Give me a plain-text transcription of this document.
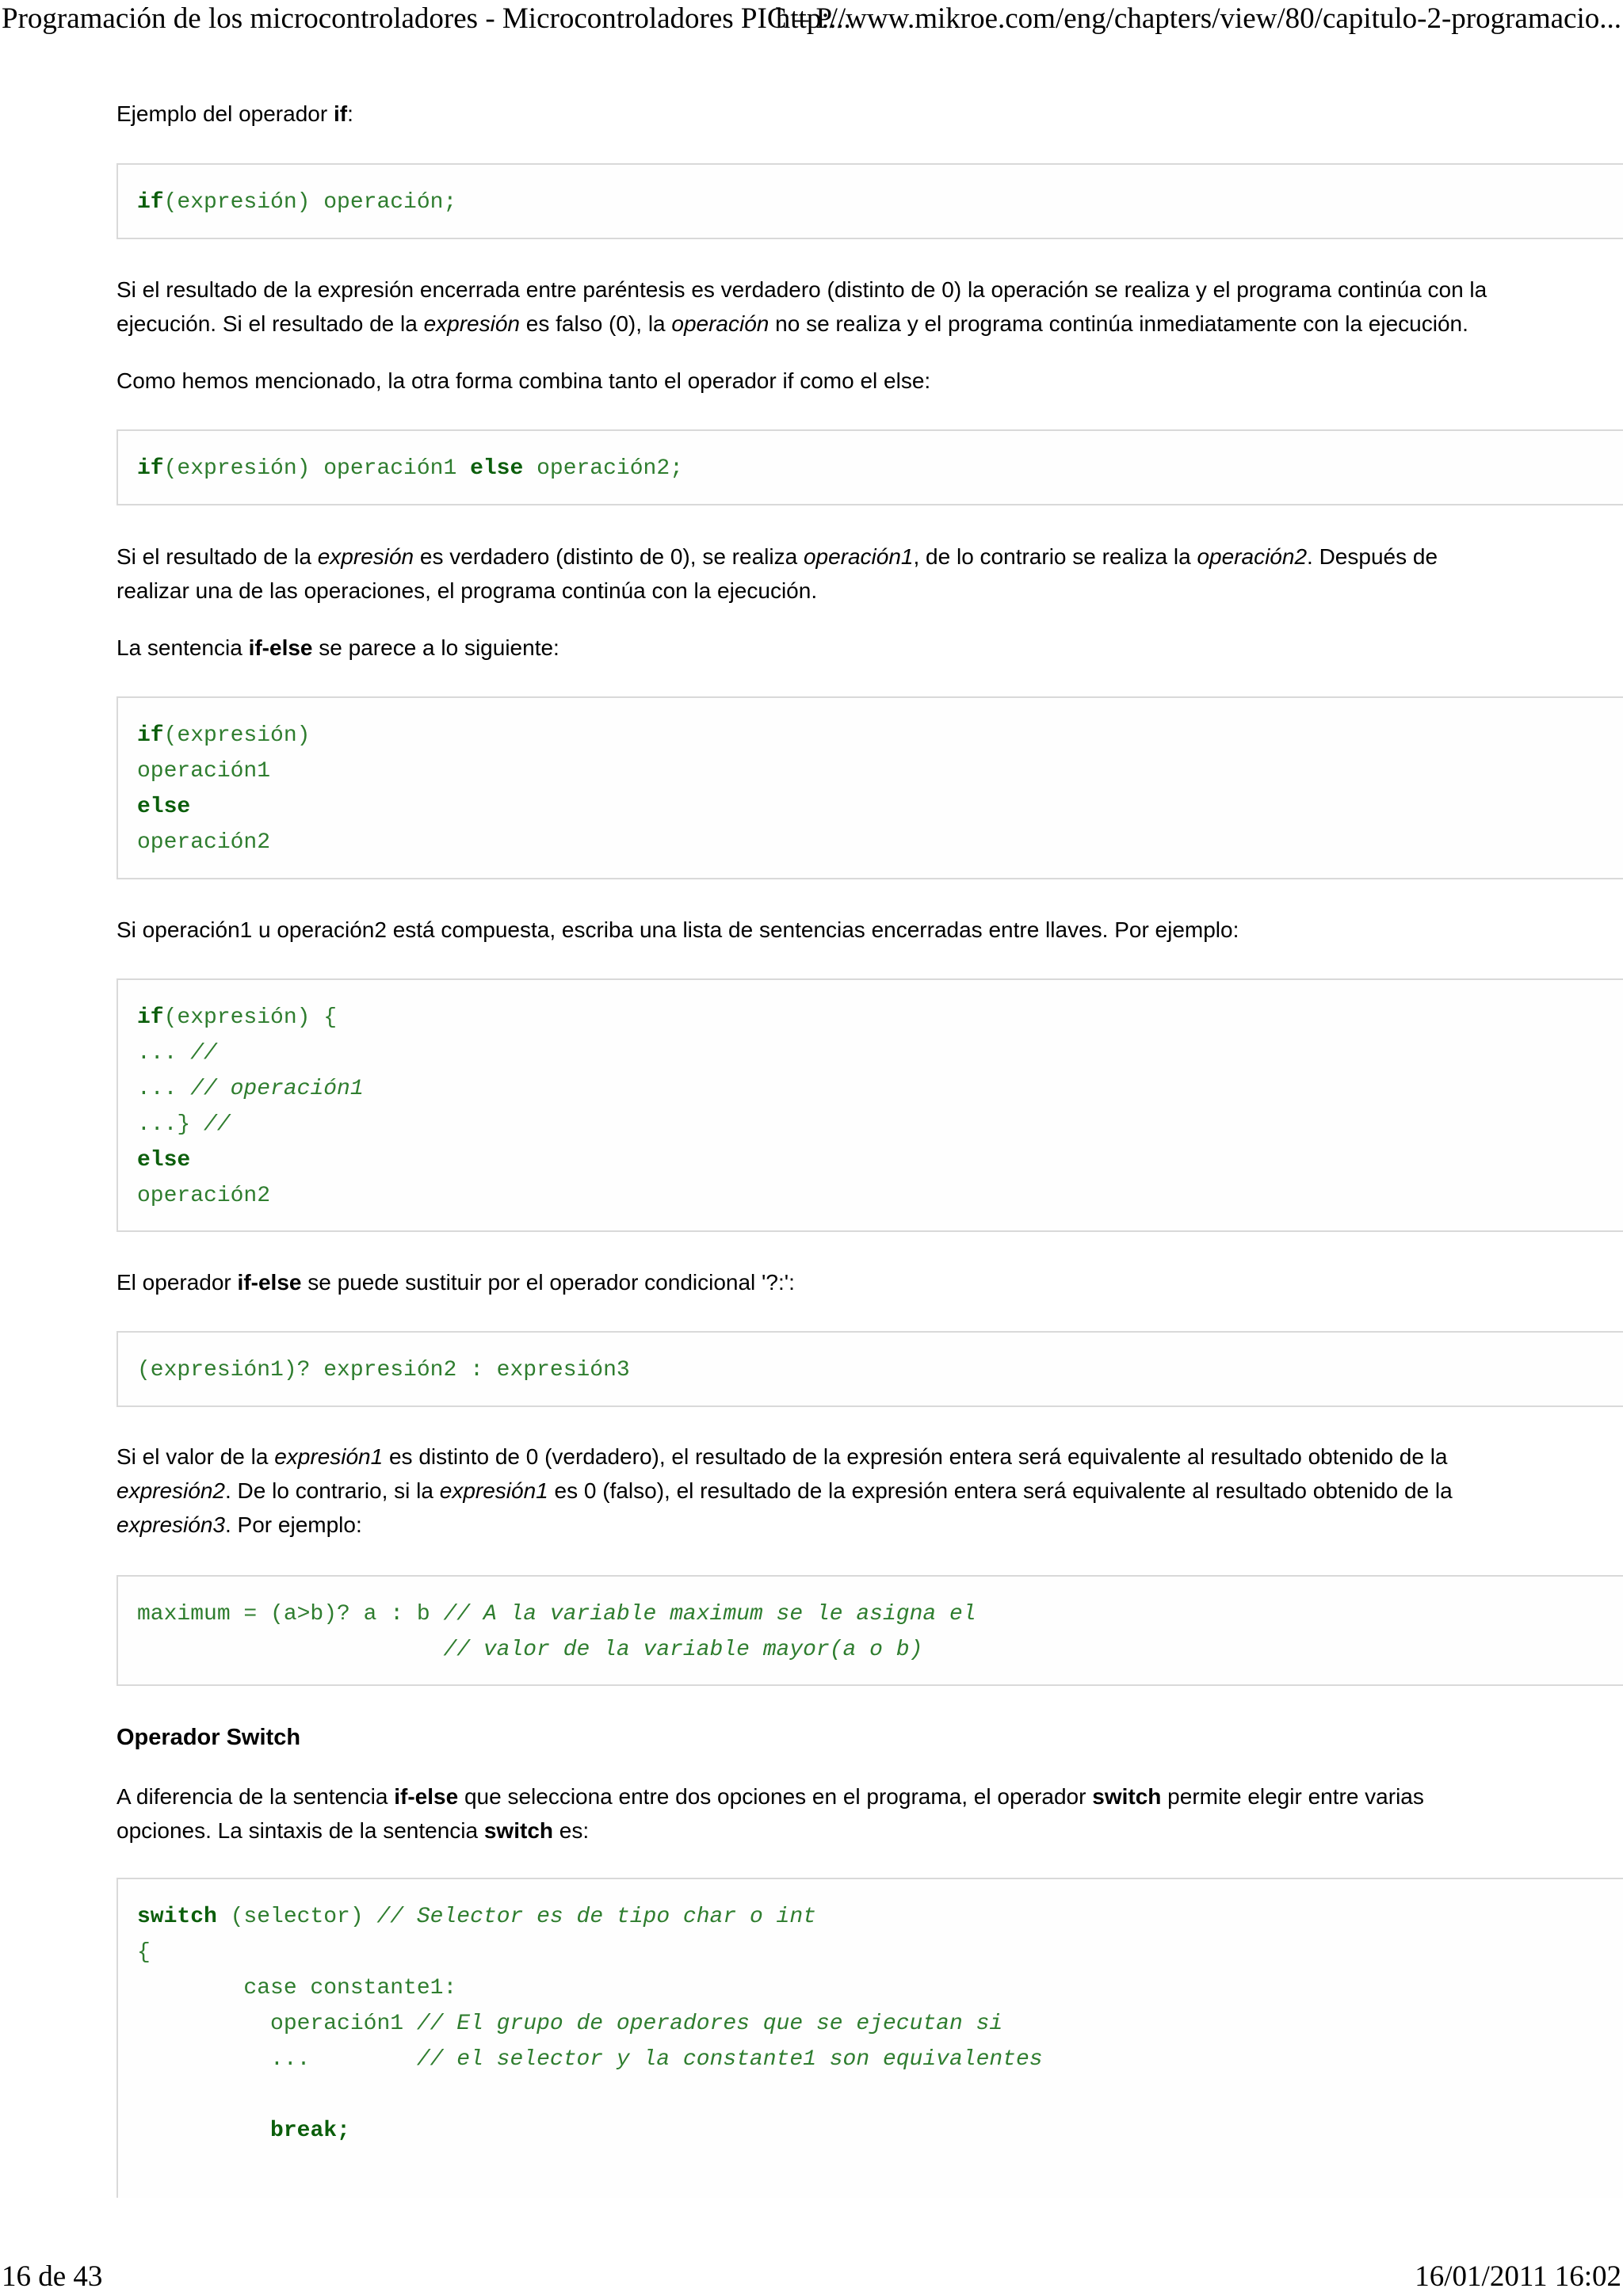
Programación de los microcontroladores - Microcontroladores PIC – P...
http://www.mikroe.com/eng/chapters/view/80/capitulo-2-programacio...

Ejemplo del operador if:

if(expresión) operación;

Si el resultado de la expresión encerrada entre paréntesis es verdadero (distinto de 0) la operación se realiza y el programa continúa con la
ejecución. Si el resultado de la expresión es falso (0), la operación no se realiza y el programa continúa inmediatamente con la ejecución.

Como hemos mencionado, la otra forma combina tanto el operador if como el else:

if(expresión) operación1 else operación2;

Si el resultado de la expresión es verdadero (distinto de 0), se realiza operación1, de lo contrario se realiza la operación2. Después de
realizar una de las operaciones, el programa continúa con la ejecución.

La sentencia if-else se parece a lo siguiente:

if(expresión)
operación1
else
operación2

Si operación1 u operación2 está compuesta, escriba una lista de sentencias encerradas entre llaves. Por ejemplo:

if(expresión) {
... //
... // operación1
...} //
else
operación2

El operador if-else se puede sustituir por el operador condicional '?:':

(expresión1)? expresión2 : expresión3

Si el valor de la expresión1 es distinto de 0 (verdadero), el resultado de la expresión entera será equivalente al resultado obtenido de la
expresión2. De lo contrario, si la expresión1 es 0 (falso), el resultado de la expresión entera será equivalente al resultado obtenido de la
expresión3. Por ejemplo:

maximum = (a>b)? a : b // A la variable maximum se le asigna el
// valor de la variable mayor(a o b)
Operador Switch

A diferencia de la sentencia if-else que selecciona entre dos opciones en el programa, el operador switch permite elegir entre varias
opciones. La sintaxis de la sentencia switch es:

switch (selector) // Selector es de tipo char o int
{
case constante1:
operación1 // El grupo de operadores que se ejecutan si
...        // el selector y la constante1 son equivalentes
break;
16 de 43	16/01/2011 16:02
